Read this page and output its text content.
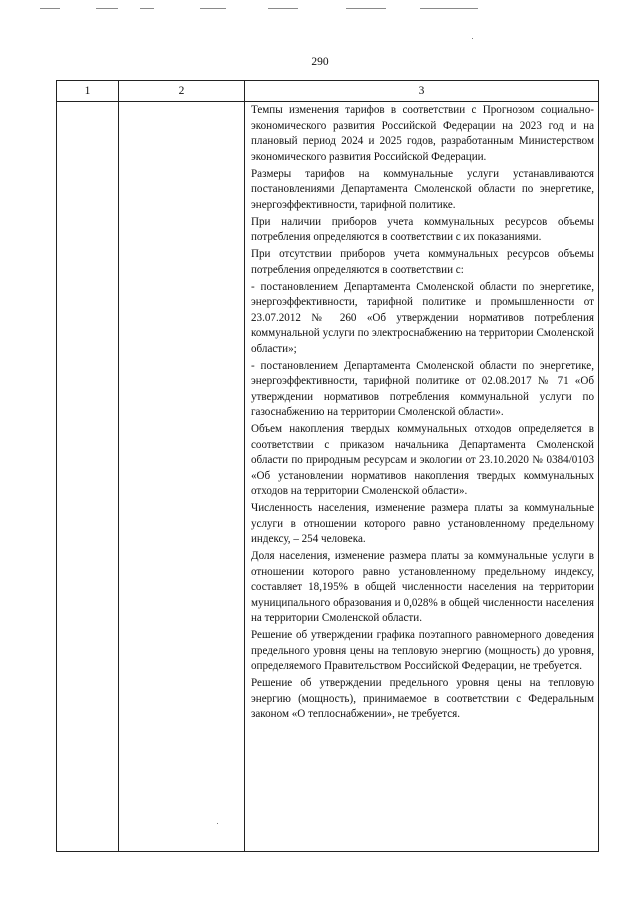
290
1	2	3

Темпы изменения тарифов в соответствии с Прогнозом социально-экономического развития Российской Федерации на 2023 год и на плановый период 2024 и 2025 годов, разработанным Министерством экономического развития Российской Федерации.

Размеры тарифов на коммунальные услуги устанавливаются постановлениями Департамента Смоленской области по энергетике, энергоэффективности, тарифной политике.

При наличии приборов учета коммунальных ресурсов объемы потребления определяются в соответствии с их показаниями.

При отсутствии приборов учета коммунальных ресурсов объемы потребления определяются в соответствии с:

- постановлением Департамента Смоленской области по энергетике, энергоэффективности, тарифной политике и промышленности от 23.07.2012 № 260 «Об утверждении нормативов потребления коммунальной услуги по электроснабжению на территории Смоленской области»;

- постановлением Департамента Смоленской области по энергетике, энергоэффективности, тарифной политике от 02.08.2017 № 71 «Об утверждении нормативов потребления коммунальной услуги по газоснабжению на территории Смоленской области».

Объем накопления твердых коммунальных отходов определяется в соответствии с приказом начальника Департамента Смоленской области по природным ресурсам и экологии от 23.10.2020 № 0384/0103 «Об установлении нормативов накопления твердых коммунальных отходов на территории Смоленской области».

Численность населения, изменение размера платы за коммунальные услуги в отношении которого равно установленному предельному индексу, – 254 человека.

Доля населения, изменение размера платы за коммунальные услуги в отношении которого равно установленному предельному индексу, составляет 18,195% в общей численности населения на территории муниципального образования и 0,028% в общей численности населения на территории Смоленской области.

Решение об утверждении графика поэтапного равномерного доведения предельного уровня цены на тепловую энергию (мощность) до уровня, определяемого Правительством Российской Федерации, не требуется.

Решение об утверждении предельного уровня цены на тепловую энергию (мощность), принимаемое в соответствии с Федеральным законом «О теплоснабжении», не требуется.
